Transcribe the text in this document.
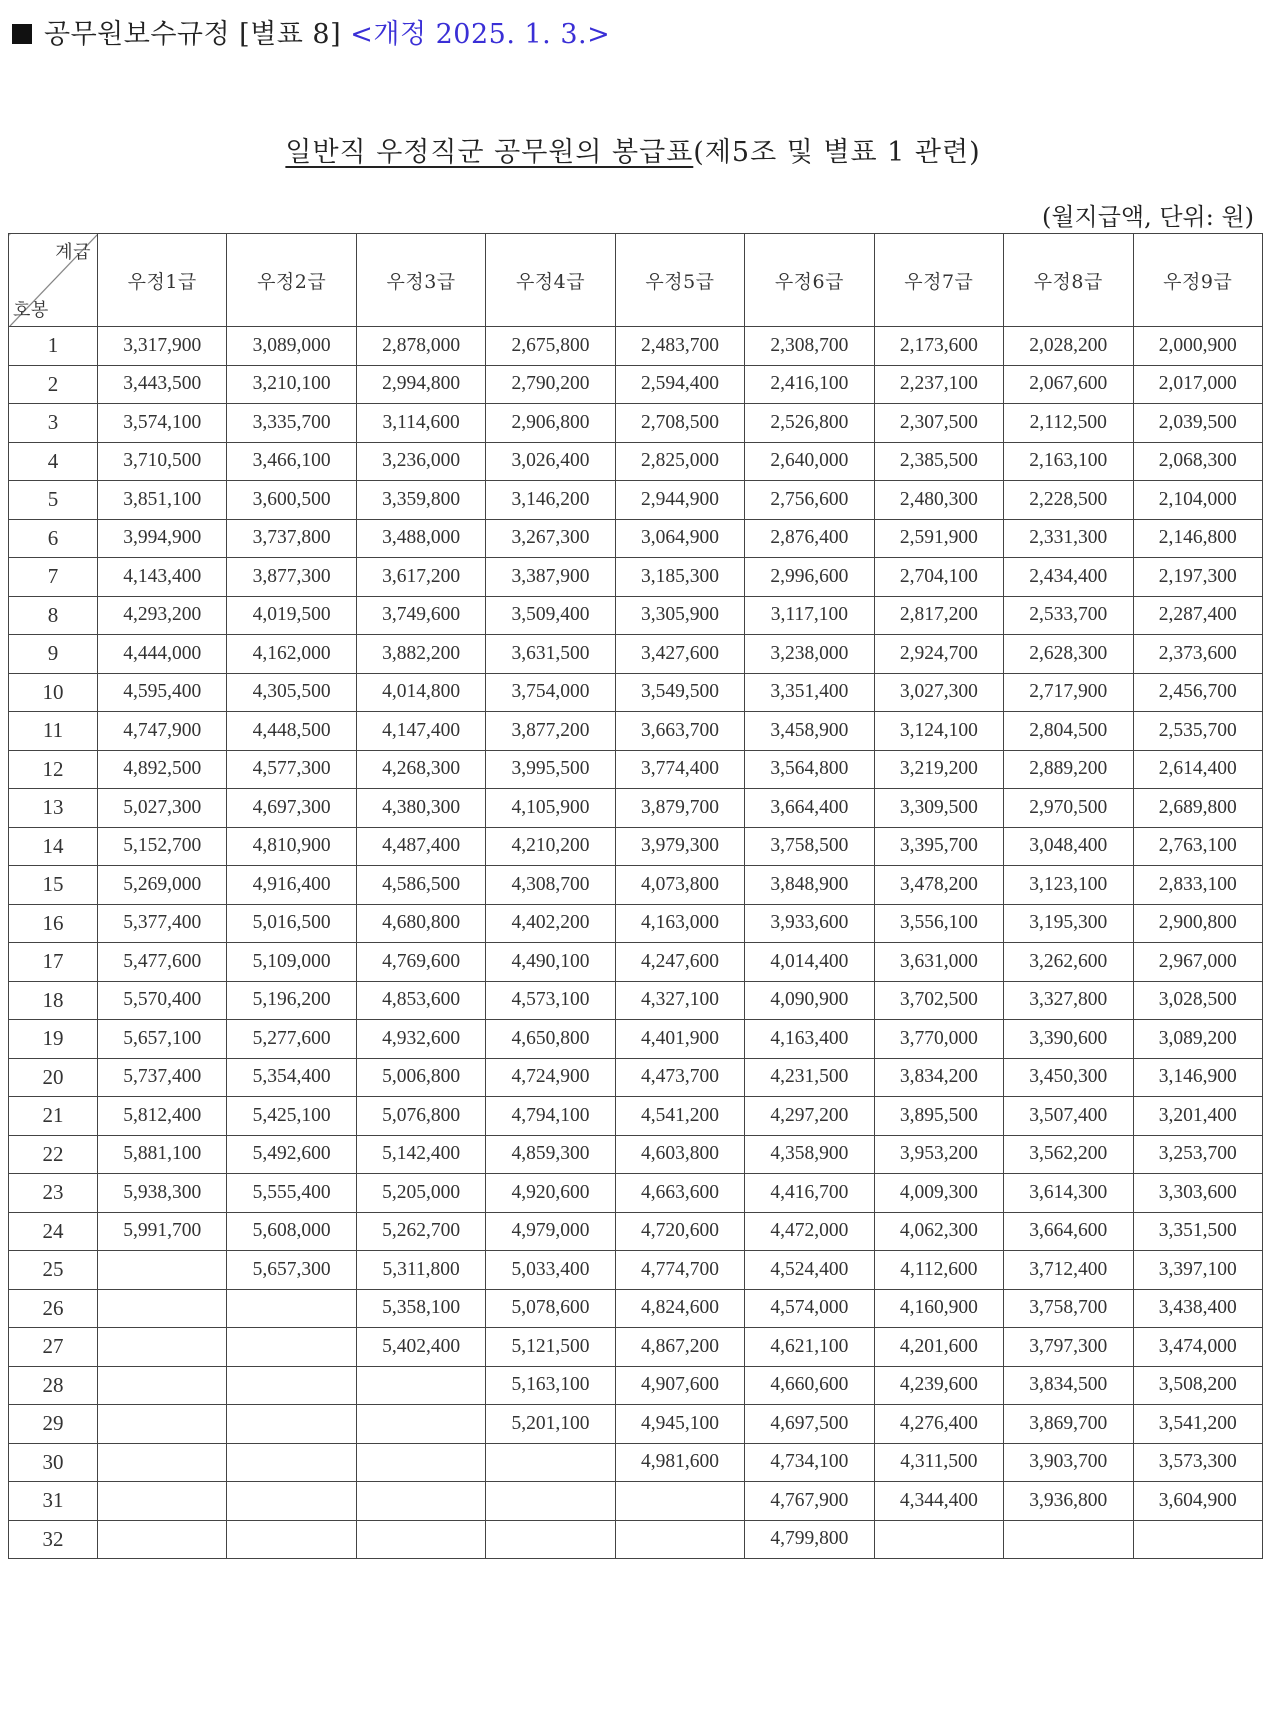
공무원보수규정 [별표 8] <개정 2025. 1. 3.>
일반직 우정직군 공무원의 봉급표(제5조 및 별표 1 관련)
(월지급액, 단위: 원)
계급
호봉	우정1급	우정2급	우정3급	우정4급	우정5급	우정6급	우정7급	우정8급	우정9급
1	3,317,900	3,089,000	2,878,000	2,675,800	2,483,700	2,308,700	2,173,600	2,028,200	2,000,900
2	3,443,500	3,210,100	2,994,800	2,790,200	2,594,400	2,416,100	2,237,100	2,067,600	2,017,000
3	3,574,100	3,335,700	3,114,600	2,906,800	2,708,500	2,526,800	2,307,500	2,112,500	2,039,500
4	3,710,500	3,466,100	3,236,000	3,026,400	2,825,000	2,640,000	2,385,500	2,163,100	2,068,300
5	3,851,100	3,600,500	3,359,800	3,146,200	2,944,900	2,756,600	2,480,300	2,228,500	2,104,000
6	3,994,900	3,737,800	3,488,000	3,267,300	3,064,900	2,876,400	2,591,900	2,331,300	2,146,800
7	4,143,400	3,877,300	3,617,200	3,387,900	3,185,300	2,996,600	2,704,100	2,434,400	2,197,300
8	4,293,200	4,019,500	3,749,600	3,509,400	3,305,900	3,117,100	2,817,200	2,533,700	2,287,400
9	4,444,000	4,162,000	3,882,200	3,631,500	3,427,600	3,238,000	2,924,700	2,628,300	2,373,600
10	4,595,400	4,305,500	4,014,800	3,754,000	3,549,500	3,351,400	3,027,300	2,717,900	2,456,700
11	4,747,900	4,448,500	4,147,400	3,877,200	3,663,700	3,458,900	3,124,100	2,804,500	2,535,700
12	4,892,500	4,577,300	4,268,300	3,995,500	3,774,400	3,564,800	3,219,200	2,889,200	2,614,400
13	5,027,300	4,697,300	4,380,300	4,105,900	3,879,700	3,664,400	3,309,500	2,970,500	2,689,800
14	5,152,700	4,810,900	4,487,400	4,210,200	3,979,300	3,758,500	3,395,700	3,048,400	2,763,100
15	5,269,000	4,916,400	4,586,500	4,308,700	4,073,800	3,848,900	3,478,200	3,123,100	2,833,100
16	5,377,400	5,016,500	4,680,800	4,402,200	4,163,000	3,933,600	3,556,100	3,195,300	2,900,800
17	5,477,600	5,109,000	4,769,600	4,490,100	4,247,600	4,014,400	3,631,000	3,262,600	2,967,000
18	5,570,400	5,196,200	4,853,600	4,573,100	4,327,100	4,090,900	3,702,500	3,327,800	3,028,500
19	5,657,100	5,277,600	4,932,600	4,650,800	4,401,900	4,163,400	3,770,000	3,390,600	3,089,200
20	5,737,400	5,354,400	5,006,800	4,724,900	4,473,700	4,231,500	3,834,200	3,450,300	3,146,900
21	5,812,400	5,425,100	5,076,800	4,794,100	4,541,200	4,297,200	3,895,500	3,507,400	3,201,400
22	5,881,100	5,492,600	5,142,400	4,859,300	4,603,800	4,358,900	3,953,200	3,562,200	3,253,700
23	5,938,300	5,555,400	5,205,000	4,920,600	4,663,600	4,416,700	4,009,300	3,614,300	3,303,600
24	5,991,700	5,608,000	5,262,700	4,979,000	4,720,600	4,472,000	4,062,300	3,664,600	3,351,500
25		5,657,300	5,311,800	5,033,400	4,774,700	4,524,400	4,112,600	3,712,400	3,397,100
26			5,358,100	5,078,600	4,824,600	4,574,000	4,160,900	3,758,700	3,438,400
27			5,402,400	5,121,500	4,867,200	4,621,100	4,201,600	3,797,300	3,474,000
28				5,163,100	4,907,600	4,660,600	4,239,600	3,834,500	3,508,200
29				5,201,100	4,945,100	4,697,500	4,276,400	3,869,700	3,541,200
30					4,981,600	4,734,100	4,311,500	3,903,700	3,573,300
31						4,767,900	4,344,400	3,936,800	3,604,900
32						4,799,800			
